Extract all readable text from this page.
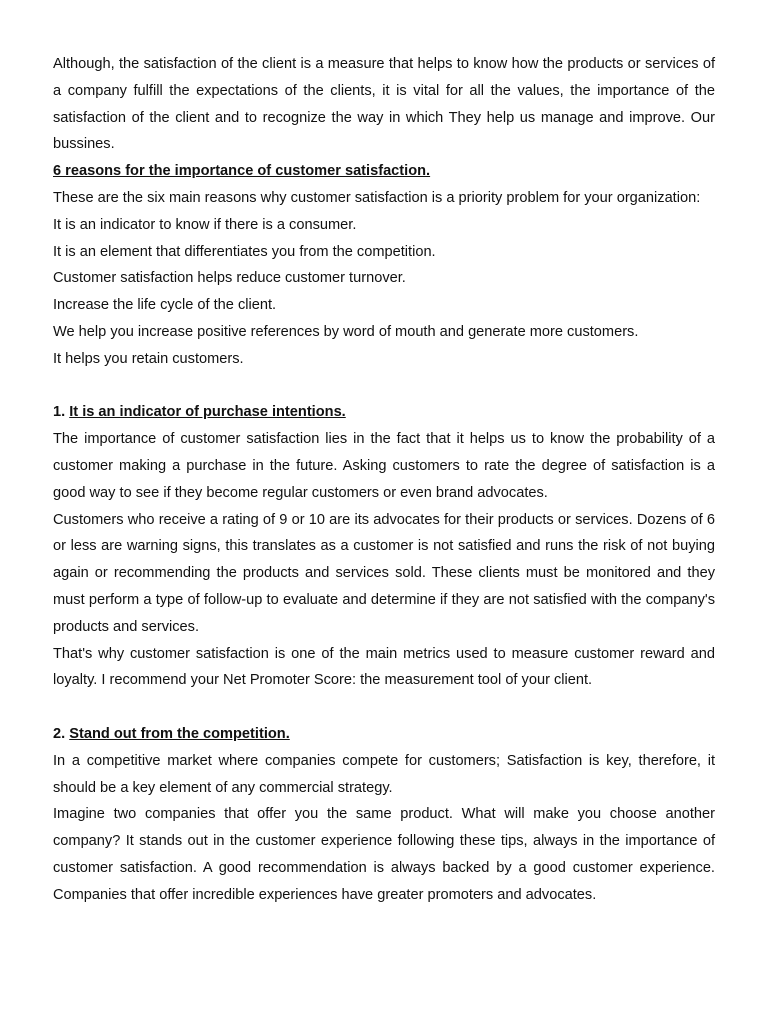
Although, the satisfaction of the client is a measure that helps to know how the products or services of a company fulfill the expectations of the clients, it is vital for all the values, the importance of the satisfaction of the client and to recognize the way in which They help us manage and improve. Our bussines.

6 reasons for the importance of customer satisfaction.

These are the six main reasons why customer satisfaction is a priority problem for your organization:

It is an indicator to know if there is a consumer.

It is an element that differentiates you from the competition.

Customer satisfaction helps reduce customer turnover.

Increase the life cycle of the client.

We help you increase positive references by word of mouth and generate more customers.

It helps you retain customers.

1. It is an indicator of purchase intentions.

The importance of customer satisfaction lies in the fact that it helps us to know the probability of a customer making a purchase in the future. Asking customers to rate the degree of satisfaction is a good way to see if they become regular customers or even brand advocates.

Customers who receive a rating of 9 or 10 are its advocates for their products or services. Dozens of 6 or less are warning signs, this translates as a customer is not satisfied and runs the risk of not buying again or recommending the products and services sold. These clients must be monitored and they must perform a type of follow-up to evaluate and determine if they are not satisfied with the company's products and services.

That's why customer satisfaction is one of the main metrics used to measure customer reward and loyalty. I recommend your Net Promoter Score: the measurement tool of your client.

2. Stand out from the competition.

In a competitive market where companies compete for customers; Satisfaction is key, therefore, it should be a key element of any commercial strategy.

Imagine two companies that offer you the same product. What will make you choose another company? It stands out in the customer experience following these tips, always in the importance of customer satisfaction. A good recommendation is always backed by a good customer experience. Companies that offer incredible experiences have greater promoters and advocates.
